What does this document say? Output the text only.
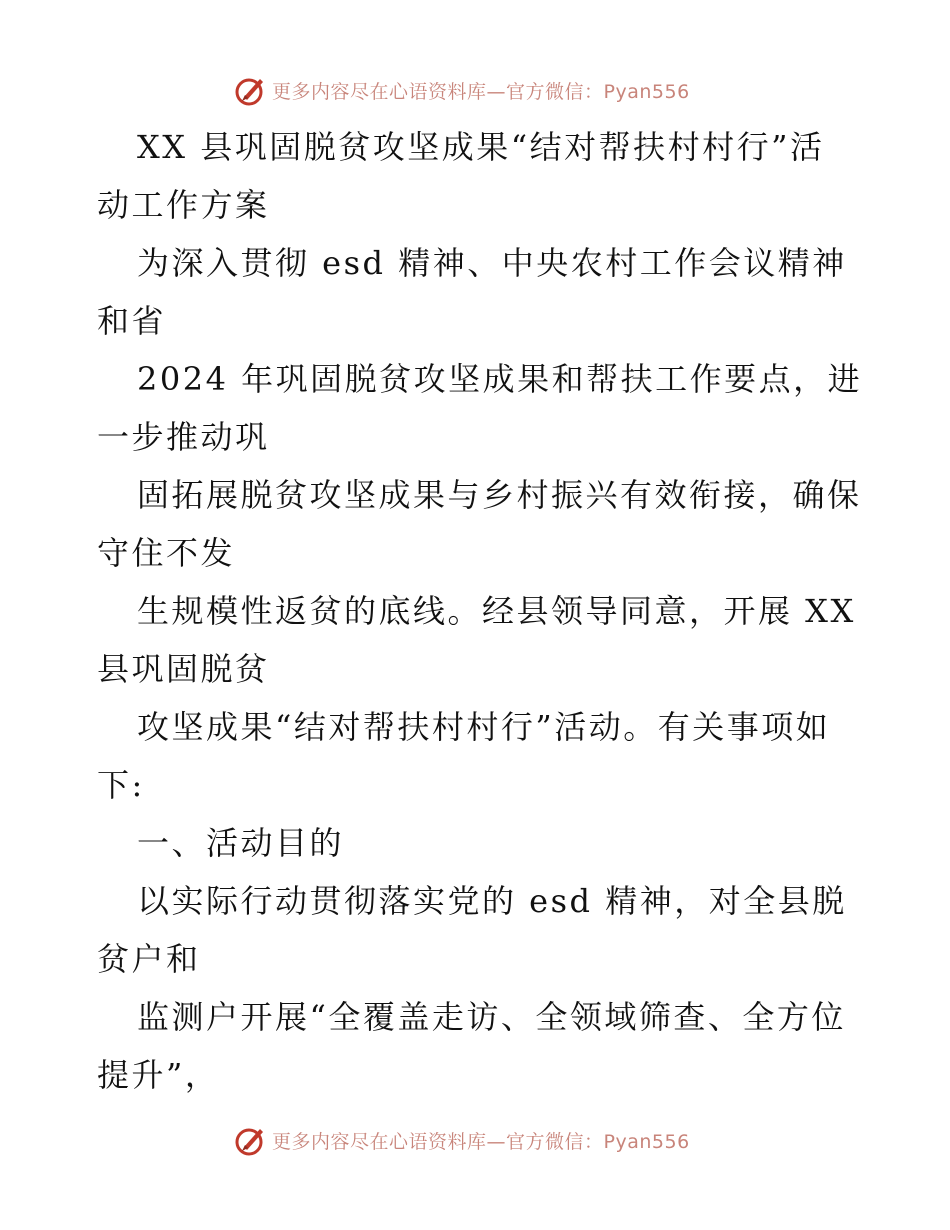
更多内容尽在心语资料库—官方微信：Pyan556

XX 县巩固脱贫攻坚成果“结对帮扶村村行”活

动工作方案

为深入贯彻 esd 精神、中央农村工作会议精神

和省

2024 年巩固脱贫攻坚成果和帮扶工作要点，进

一步推动巩

固拓展脱贫攻坚成果与乡村振兴有效衔接，确保

守住不发

生规模性返贫的底线。经县领导同意，开展 XX

县巩固脱贫

攻坚成果“结对帮扶村村行”活动。有关事项如

下:

一、活动目的

以实际行动贯彻落实党的 esd 精神，对全县脱

贫户和

监测户开展“全覆盖走访、全领域筛查、全方位

提升”，

更多内容尽在心语资料库—官方微信：Pyan556
